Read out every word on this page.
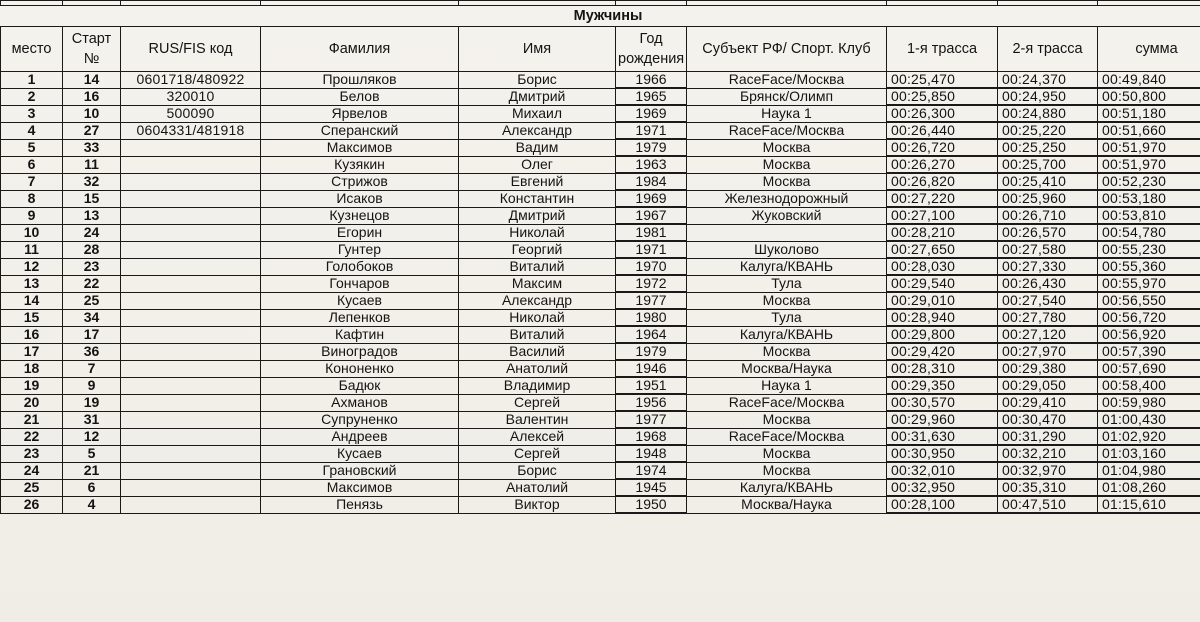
Мужчины									
место	Старт №	RUS/FIS код	Фамилия	Имя	Год рождения	Субъект РФ/ Спорт. Клуб	1-я трасса	2-я трасса	сумма
1	14	0601718/480922	Прошляков	Борис	1966	RaceFace/Москва	00:25,470	00:24,370	00:49,840
2	16	320010	Белов	Дмитрий	1965	Брянск/Олимп	00:25,850	00:24,950	00:50,800
3	10	500090	Ярвелов	Михаил	1969	Наука 1	00:26,300	00:24,880	00:51,180
4	27	0604331/481918	Сперанский	Александр	1971	RaceFace/Москва	00:26,440	00:25,220	00:51,660
5	33		Максимов	Вадим	1979	Москва	00:26,720	00:25,250	00:51,970
6	11		Кузякин	Олег	1963	Москва	00:26,270	00:25,700	00:51,970
7	32		Стрижов	Евгений	1984	Москва	00:26,820	00:25,410	00:52,230
8	15		Исаков	Константин	1969	Железнодорожный	00:27,220	00:25,960	00:53,180
9	13		Кузнецов	Дмитрий	1967	Жуковский	00:27,100	00:26,710	00:53,810
10	24		Егорин	Николай	1981		00:28,210	00:26,570	00:54,780
11	28		Гунтер	Георгий	1971	Шуколово	00:27,650	00:27,580	00:55,230
12	23		Голобоков	Виталий	1970	Калуга/КВАНЬ	00:28,030	00:27,330	00:55,360
13	22		Гончаров	Максим	1972	Тула	00:29,540	00:26,430	00:55,970
14	25		Кусаев	Александр	1977	Москва	00:29,010	00:27,540	00:56,550
15	34		Лепенков	Николай	1980	Тула	00:28,940	00:27,780	00:56,720
16	17		Кафтин	Виталий	1964	Калуга/КВАНЬ	00:29,800	00:27,120	00:56,920
17	36		Виноградов	Василий	1979	Москва	00:29,420	00:27,970	00:57,390
18	7		Кононенко	Анатолий	1946	Москва/Наука	00:28,310	00:29,380	00:57,690
19	9		Бадюк	Владимир	1951	Наука 1	00:29,350	00:29,050	00:58,400
20	19		Ахманов	Сергей	1956	RaceFace/Москва	00:30,570	00:29,410	00:59,980
21	31		Супруненко	Валентин	1977	Москва	00:29,960	00:30,470	01:00,430
22	12		Андреев	Алексей	1968	RaceFace/Москва	00:31,630	00:31,290	01:02,920
23	5		Кусаев	Сергей	1948	Москва	00:30,950	00:32,210	01:03,160
24	21		Грановский	Борис	1974	Москва	00:32,010	00:32,970	01:04,980
25	6		Максимов	Анатолий	1945	Калуга/КВАНЬ	00:32,950	00:35,310	01:08,260
26	4		Пенязь	Виктор	1950	Москва/Наука	00:28,100	00:47,510	01:15,610
